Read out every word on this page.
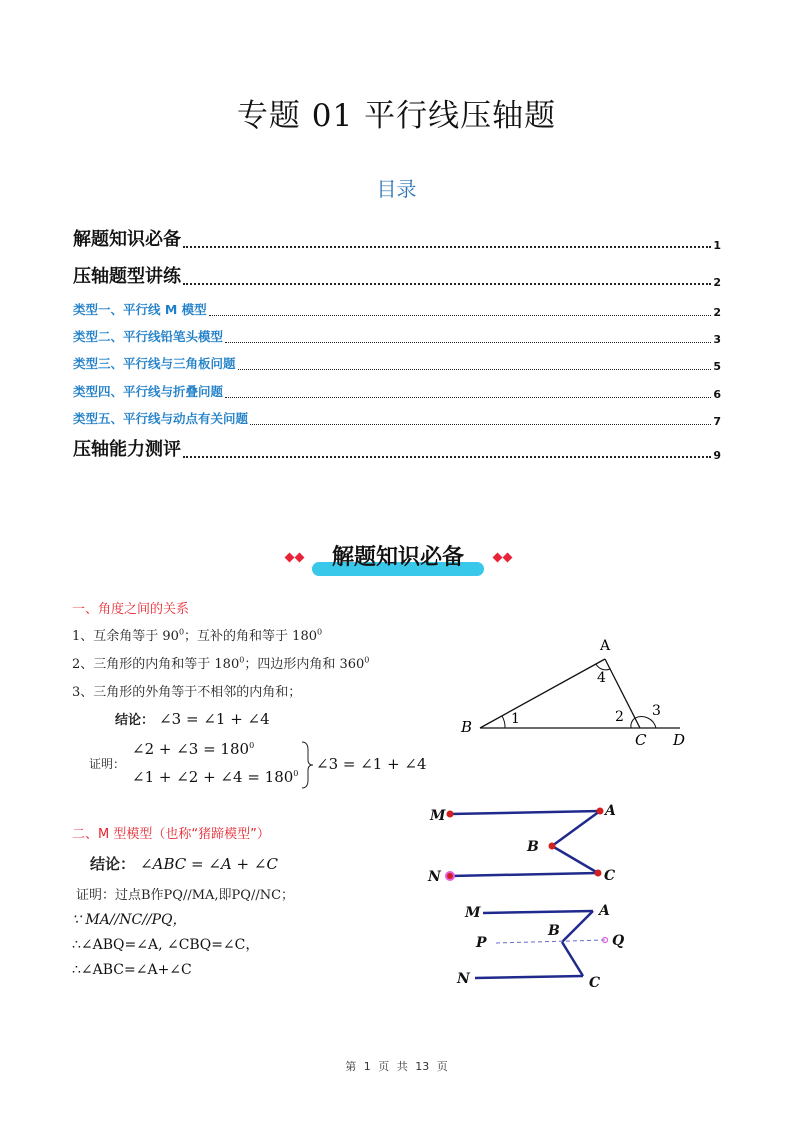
专题 01 平行线压轴题
目录
解题知识必备	1
压轴题型讲练	2
类型一、平行线 M 模型	2
类型二、平行线铅笔头模型	3
类型三、平行线与三角板问题	5
类型四、平行线与折叠问题	6
类型五、平行线与动点有关问题	7
压轴能力测评	9
解题知识必备
一、角度之间的关系
1、互余角等于 $90^0$；互补的角和等于 $180^0$
2、三角形的内角和等于 $180^0$；四边形内角和 $360^0$
3、三角形的外角等于不相邻的内角和；
结论： ∠3 = ∠1 + ∠4
证明：
∠2 + ∠3 = $180^0$
∠1 + ∠2 + ∠4 = $180^0$
∠3 = ∠1 + ∠4
A
4
B	1	2 3
C D
二、M 型模型（也称“猪蹄模型”）
结论： ∠ABC = ∠A + ∠C
证明：过点B作PQ//MA,即PQ//NC；
∵ MA//NC//PQ，
∴∠ABQ=∠A, ∠CBQ=∠C，
∴∠ABC=∠A+∠C
M	A
B
N	C
M	A
P
B
Q
N	C
第 1 页 共 13 页
